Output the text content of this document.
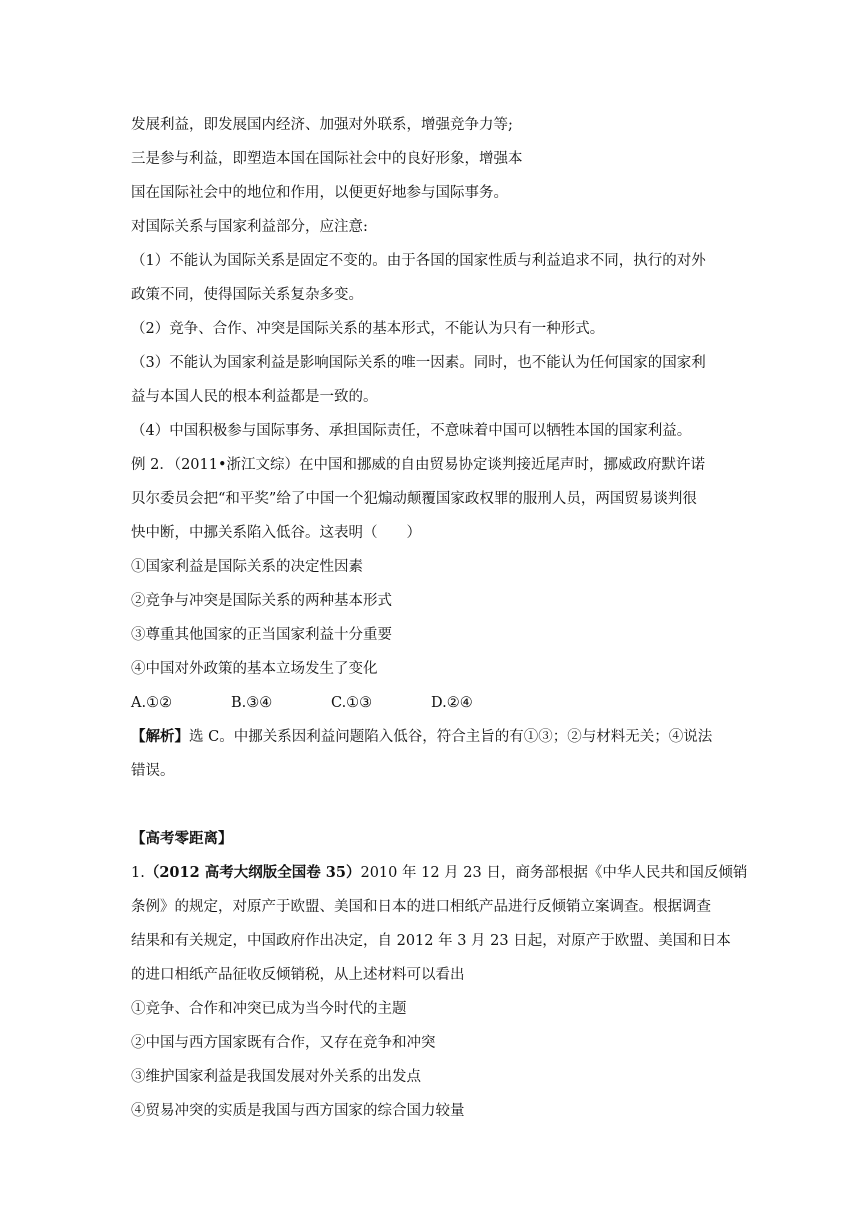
发展利益，即发展国内经济、加强对外联系，增强竞争力等;

三是参与利益，即塑造本国在国际社会中的良好形象，增强本

国在国际社会中的地位和作用，以便更好地参与国际事务。

对国际关系与国家利益部分，应注意:

（1）不能认为国际关系是固定不变的。由于各国的国家性质与利益追求不同，执行的对外

政策不同，使得国际关系复杂多变。

（2）竞争、合作、冲突是国际关系的基本形式，不能认为只有一种形式。

（3）不能认为国家利益是影响国际关系的唯一因素。同时，也不能认为任何国家的国家利

益与本国人民的根本利益都是一致的。

（4）中国积极参与国际事务、承担国际责任，不意味着中国可以牺牲本国的国家利益。

例 2．（2011•浙江文综）在中国和挪威的自由贸易协定谈判接近尾声时，挪威政府默许诺

贝尔委员会把“和平奖”给了中国一个犯煽动颠覆国家政权罪的服刑人员，两国贸易谈判很

快中断，中挪关系陷入低谷。这表明（　　）

①国家利益是国际关系的决定性因素

②竞争与冲突是国际关系的两种基本形式

③尊重其他国家的正当国家利益十分重要

④中国对外政策的基本立场发生了变化

A.①②	B.③④	C.①③	D.②④

【解析】选 C。中挪关系因利益问题陷入低谷，符合主旨的有①③；②与材料无关；④说法

错误。

【高考零距离】

1.（2012 高考大纲版全国卷 35）2010 年 12 月 23 日，商务部根据《中华人民共和国反倾销

条例》的规定，对原产于欧盟、美国和日本的进口相纸产品进行反倾销立案调查。根据调查

结果和有关规定，中国政府作出决定，自 2012 年 3 月 23 日起，对原产于欧盟、美国和日本

的进口相纸产品征收反倾销税，从上述材料可以看出

①竞争、合作和冲突已成为当今时代的主题

②中国与西方国家既有合作，又存在竞争和冲突

③维护国家利益是我国发展对外关系的出发点

④贸易冲突的实质是我国与西方国家的综合国力较量
